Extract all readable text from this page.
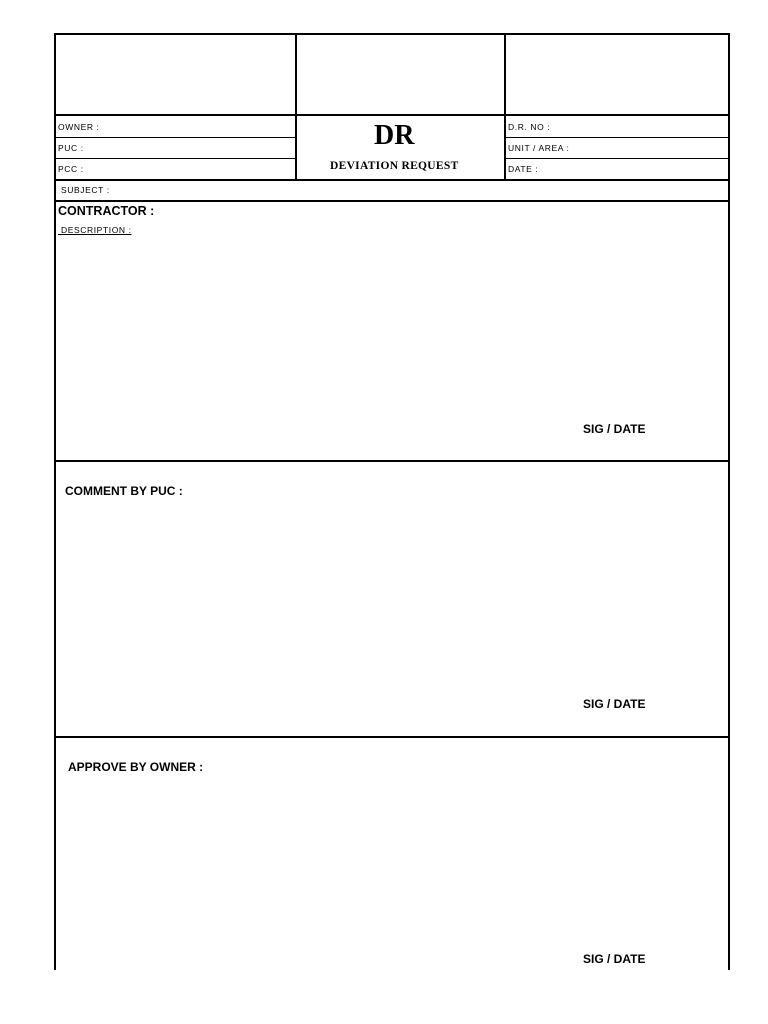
OWNER :
PUC :
PCC :
DR
DEVIATION REQUEST
D.R. NO :
UNIT / AREA :
DATE :
SUBJECT :
CONTRACTOR :
DESCRIPTION :
SIG / DATE
COMMENT BY PUC :
SIG / DATE
APPROVE BY OWNER :
SIG / DATE
